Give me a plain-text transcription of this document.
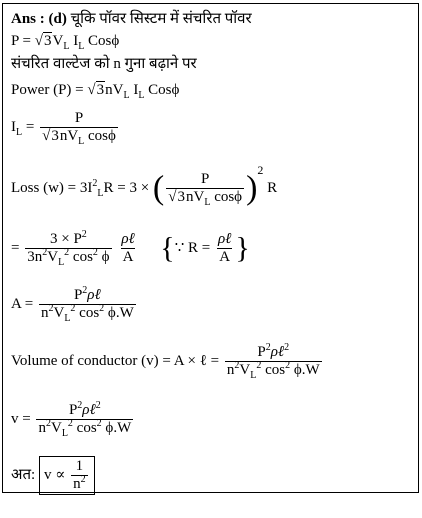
Ans : (d) चूकि पॉवर सिस्टम में संचरित पॉवर
$P = √3V_L$ $I_L$ Cosϕ
संचरित वाल्टेज को n गुना बढ़ाने पर
Power $(P) = √3nV_L$ $I_L$ Cosϕ
$I_L = \frac{P}{√3nV_L \cos\phi}$
Loss $(w) = 3I^2_LR = 3$ × ( $\frac{P}{√3nV_L \cos\phi} )^2$ R
= $\frac{3 \times P^2}{3n^2V_L^2 \cos^2 \phi}$
$\frac{\text{ρℓ}}{A}$ {∵ $R = \frac{\text{ρℓ}}{A}$ }
$A = \frac{P^2\rho\ell}{n^2V_L^2 \cos^2 \phi.W}$
Volume of conductor (v) = A × ℓ = $\frac{P^2\rho\ell^2}{n^2V_L^2 \cos^2 \phi.W}$
$v = \frac{P^2\rho\ell^2}{n^2V_L^2 \cos^2 \phi.W}$
अत: $v \propto \frac{1}{n^2}$
